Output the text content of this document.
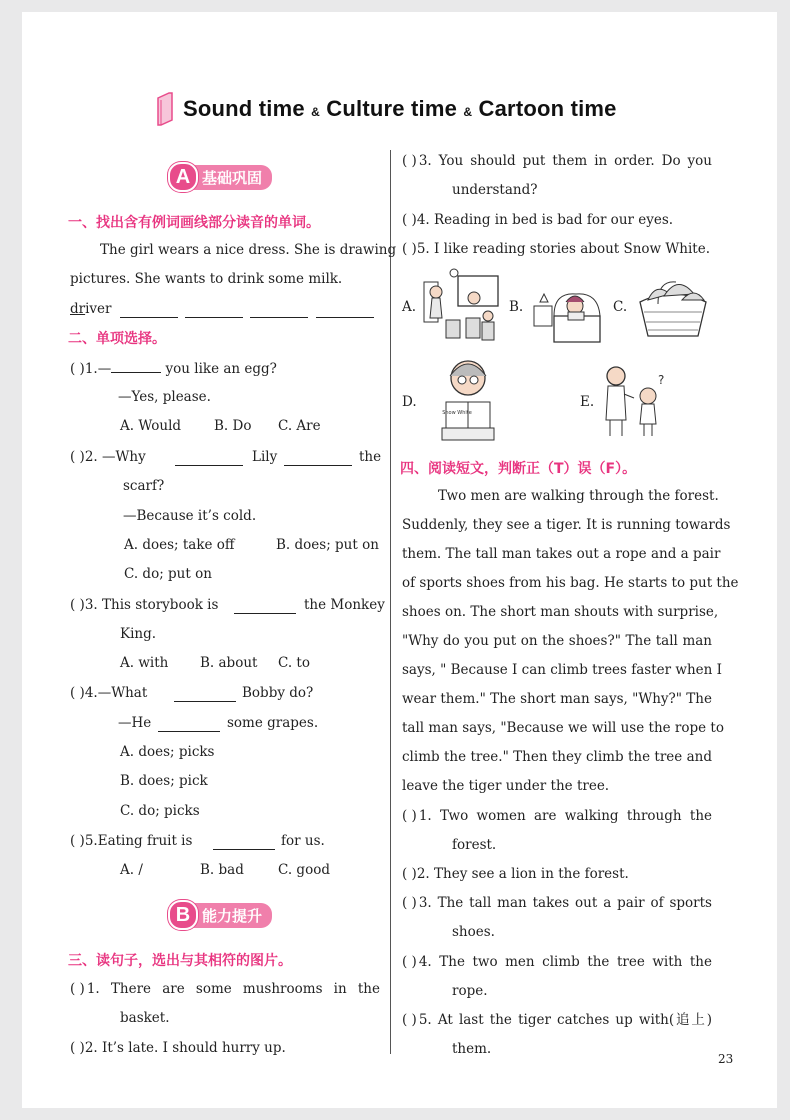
Sound time & Culture time & Cartoon time
A 基础巩固
一、找出含有例词画线部分读音的单词。
The girl wears a nice dress. She is drawing
pictures. She wants to drink some milk.
driver
二、单项选择。
( )1.—	you like an egg?
—Yes, please.
A. Would B. Do C. Are
( )2. —Why	Lily	the
scarf?
—Because it’s cold.
A. does; take off	B. does; put on
C. do; put on
( )3. This storybook is	the Monkey
King.
A. with B. about C. to
( )4.—What	Bobby do?
—He	some grapes.
A. does; picks
B. does; pick
C. do; picks
( )5.Eating fruit is	for us.
A. /	B. bad	C. good
B 能力提升
三、读句子，选出与其相符的图片。
( ) 1. There are some mushrooms in the
basket.
( )2. It’s late. I should hurry up.
( ) 3. You should put them in order. Do you
understand?
( )4. Reading in bed is bad for our eyes.
( )5. I like reading stories about Snow White.
A.	B.	C.
D.
Snow White
E.
?
四、阅读短文，判断正（T）误（F）。
Two men are walking through the forest.
Suddenly, they see a tiger. It is running towards
them. The tall man takes out a rope and a pair
of sports shoes from his bag. He starts to put the
shoes on. The short man shouts with surprise,
"Why do you put on the shoes?" The tall man
says, " Because I can climb trees faster when I
wear them." The short man says, "Why?" The
tall man says, "Because we will use the rope to
climb the tree." Then they climb the tree and
leave the tiger under the tree.
( ) 1. Two women are walking through the
forest.
( )2. They see a lion in the forest.
( ) 3. The tall man takes out a pair of sports
shoes.
( ) 4. The two men climb the tree with the
rope.
( ) 5. At last the tiger catches up with(追上)
them.
23
